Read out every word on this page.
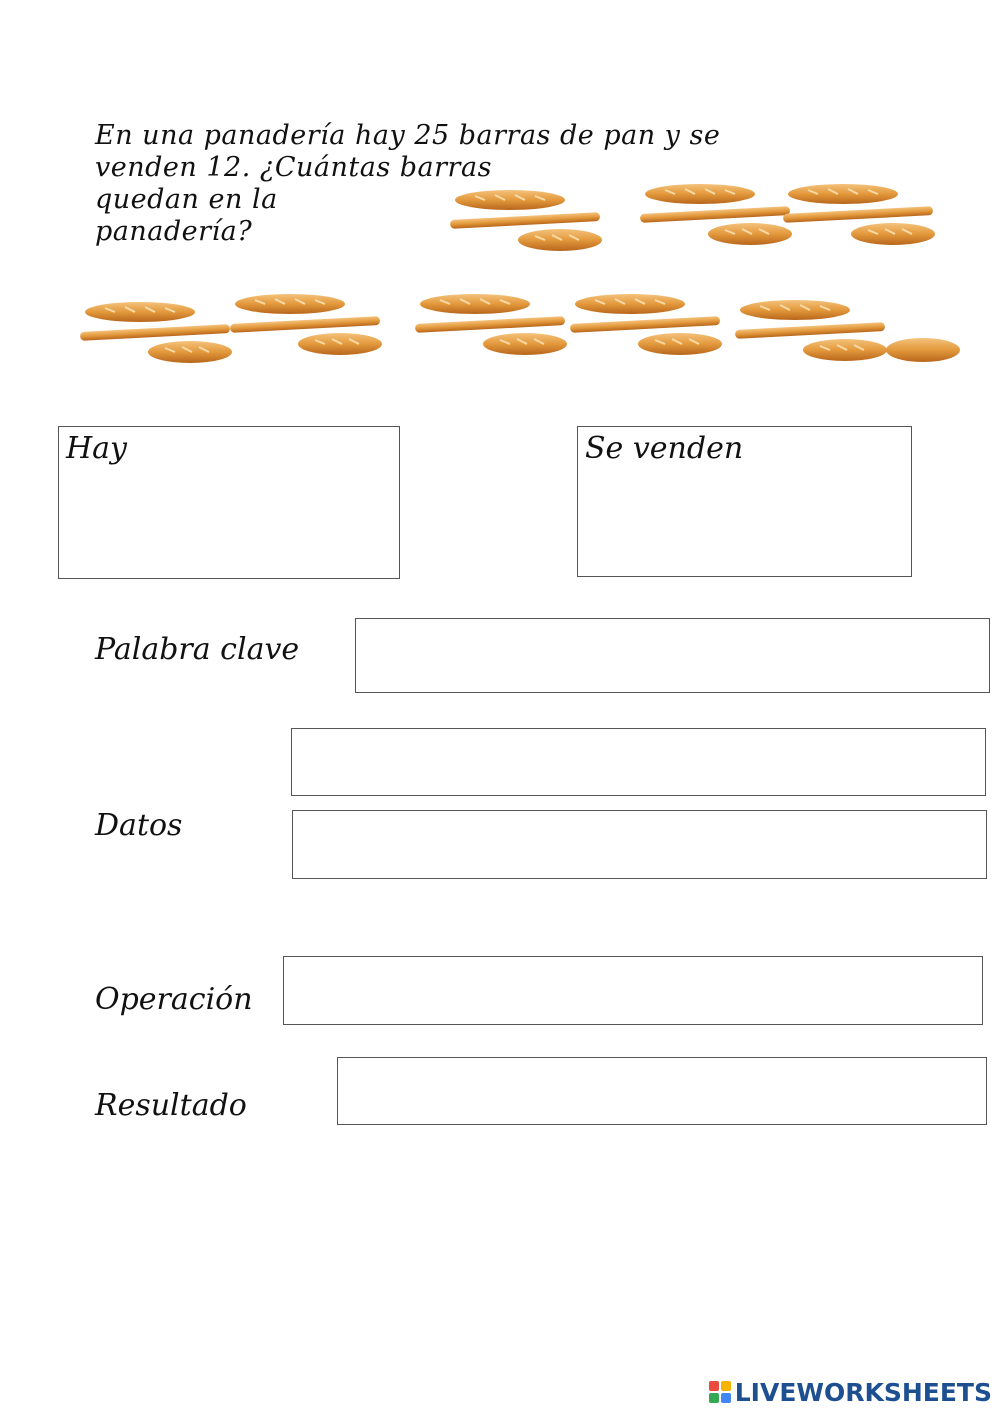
En una panadería hay 25 barras de pan y se
venden 12. ¿Cuántas barras
quedan en la
panadería?
Hay	Se venden
Palabra clave
Datos
Operación
Resultado
LIVEWORKSHEETS
